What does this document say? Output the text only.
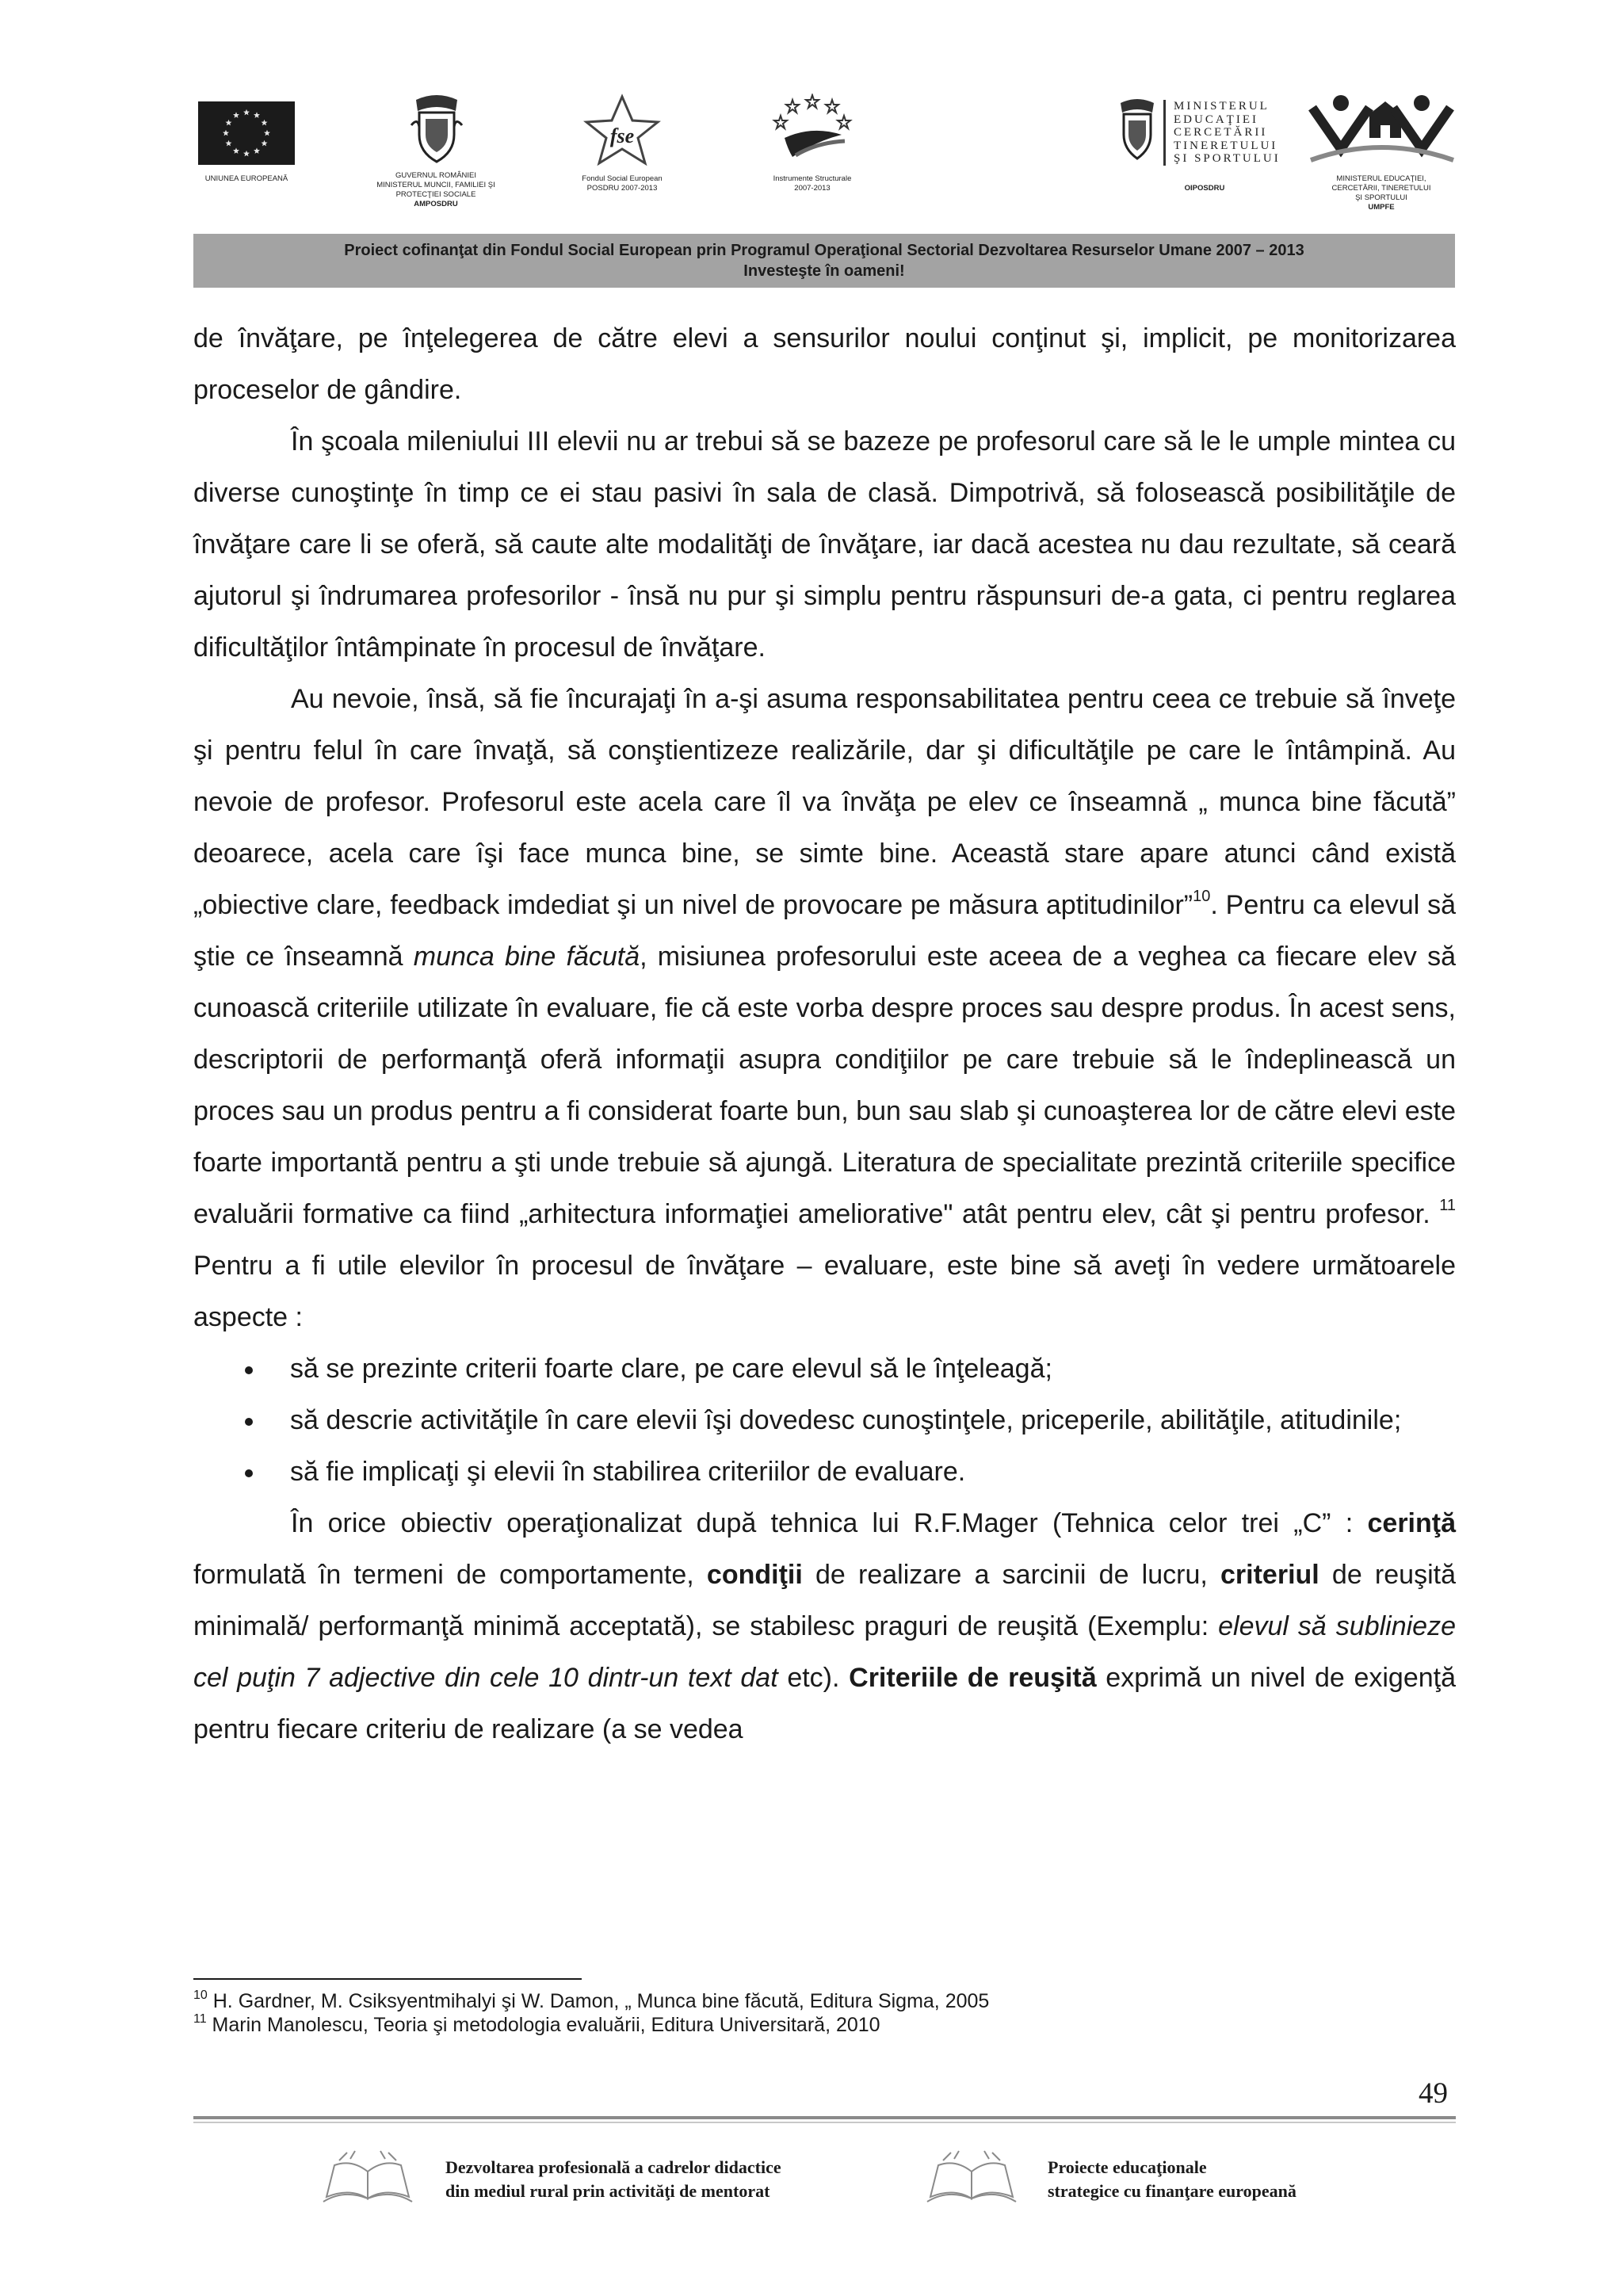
UNIUNEA EUROPEANĂ	GUVERNUL ROMÂNIEI
MINISTERUL MUNCII, FAMILIEI ŞI
PROTECŢIEI SOCIALE
AMPOSDRU
fse
Fondul Social European
POSDRU 2007-2013
Instrumente Structurale
2007-2013
MINISTERUL
EDUCAŢIEI
CERCETĂRII
TINERETULUI
ŞI SPORTULUI
OIPOSDRU
MINISTERUL EDUCAŢIEI,
CERCETĂRII, TINERETULUI
ŞI SPORTULUI
UMPFE
Proiect cofinanţat din Fondul Social European prin Programul Operaţional Sectorial Dezvoltarea Resurselor Umane 2007 – 2013
Investeşte în oameni!

de învăţare, pe înţelegerea de către elevi a sensurilor noului conţinut şi, implicit, pe monitorizarea proceselor de gândire.

În şcoala mileniului III elevii nu ar trebui să se bazeze pe profesorul care să le le umple mintea cu diverse cunoştinţe în timp ce ei stau pasivi în sala de clasă. Dimpotrivă, să folosească posibilităţile de învăţare care li se oferă, să caute alte modalităţi de învăţare, iar dacă acestea nu dau rezultate, să ceară ajutorul şi îndrumarea profesorilor - însă nu pur şi simplu pentru răspunsuri de-a gata, ci pentru reglarea dificultăţilor întâmpinate în procesul de învăţare.

Au nevoie, însă, să fie încurajaţi în a-şi asuma responsabilitatea pentru ceea ce trebuie să înveţe şi pentru felul în care învaţă, să conştientizeze realizările, dar şi dificultăţile pe care le întâmpină. Au nevoie de profesor. Profesorul este acela care îl va învăţa pe elev ce înseamnă „ munca bine făcută” deoarece, acela care îşi face munca bine, se simte bine. Această stare apare atunci când există „obiective clare, feedback imdediat şi un nivel de provocare pe măsura aptitudinilor”$^{10}$. Pentru ca elevul să ştie ce înseamnă munca bine făcută, misiunea profesorului este aceea de a veghea ca fiecare elev să cunoască criteriile utilizate în evaluare, fie că este vorba despre proces sau despre produs. În acest sens, descriptorii de performanţă oferă informaţii asupra condiţiilor pe care trebuie să le îndeplinească un proces sau un produs pentru a fi considerat foarte bun, bun sau slab şi cunoaşterea lor de către elevi este foarte importantă pentru a şti unde trebuie să ajungă. Literatura de specialitate prezintă criteriile specifice evaluării formative ca fiind „arhitectura informaţiei ameliorative" atât pentru elev, cât şi pentru profesor. $^{11}$ Pentru a fi utile elevilor în procesul de învăţare – evaluare, este bine să aveţi în vedere următoarele aspecte :

să se prezinte criterii foarte clare, pe care elevul să le înţeleagă;
să descrie activităţile în care elevii îşi dovedesc cunoştinţele, priceperile, abilităţile, atitudinile;
să fie implicaţi şi elevii în stabilirea criteriilor de evaluare.

În orice obiectiv operaţionalizat după tehnica lui R.F.Mager (Tehnica celor trei „C” : cerinţă formulată în termeni de comportamente, condiţii de realizare a sarcinii de lucru, criteriul de reuşită minimală/ performanţă minimă acceptată), se stabilesc praguri de reuşită (Exemplu: elevul să sublinieze cel puţin 7 adjective din cele 10 dintr-un text dat etc). Criteriile de reuşită exprimă un nivel de exigenţă pentru fiecare criteriu de realizare (a se vedea

$^{10}$ H. Gardner, M. Csiksyentmihalyi şi W. Damon, „ Munca bine făcută, Editura Sigma, 2005
$^{11}$ Marin Manolescu, Teoria şi metodologia evaluării, Editura Universitară, 2010
49
Dezvoltarea profesională a cadrelor didactice
din mediul rural prin activităţi de mentorat
Proiecte educaţionale
strategice cu finanţare europeană
